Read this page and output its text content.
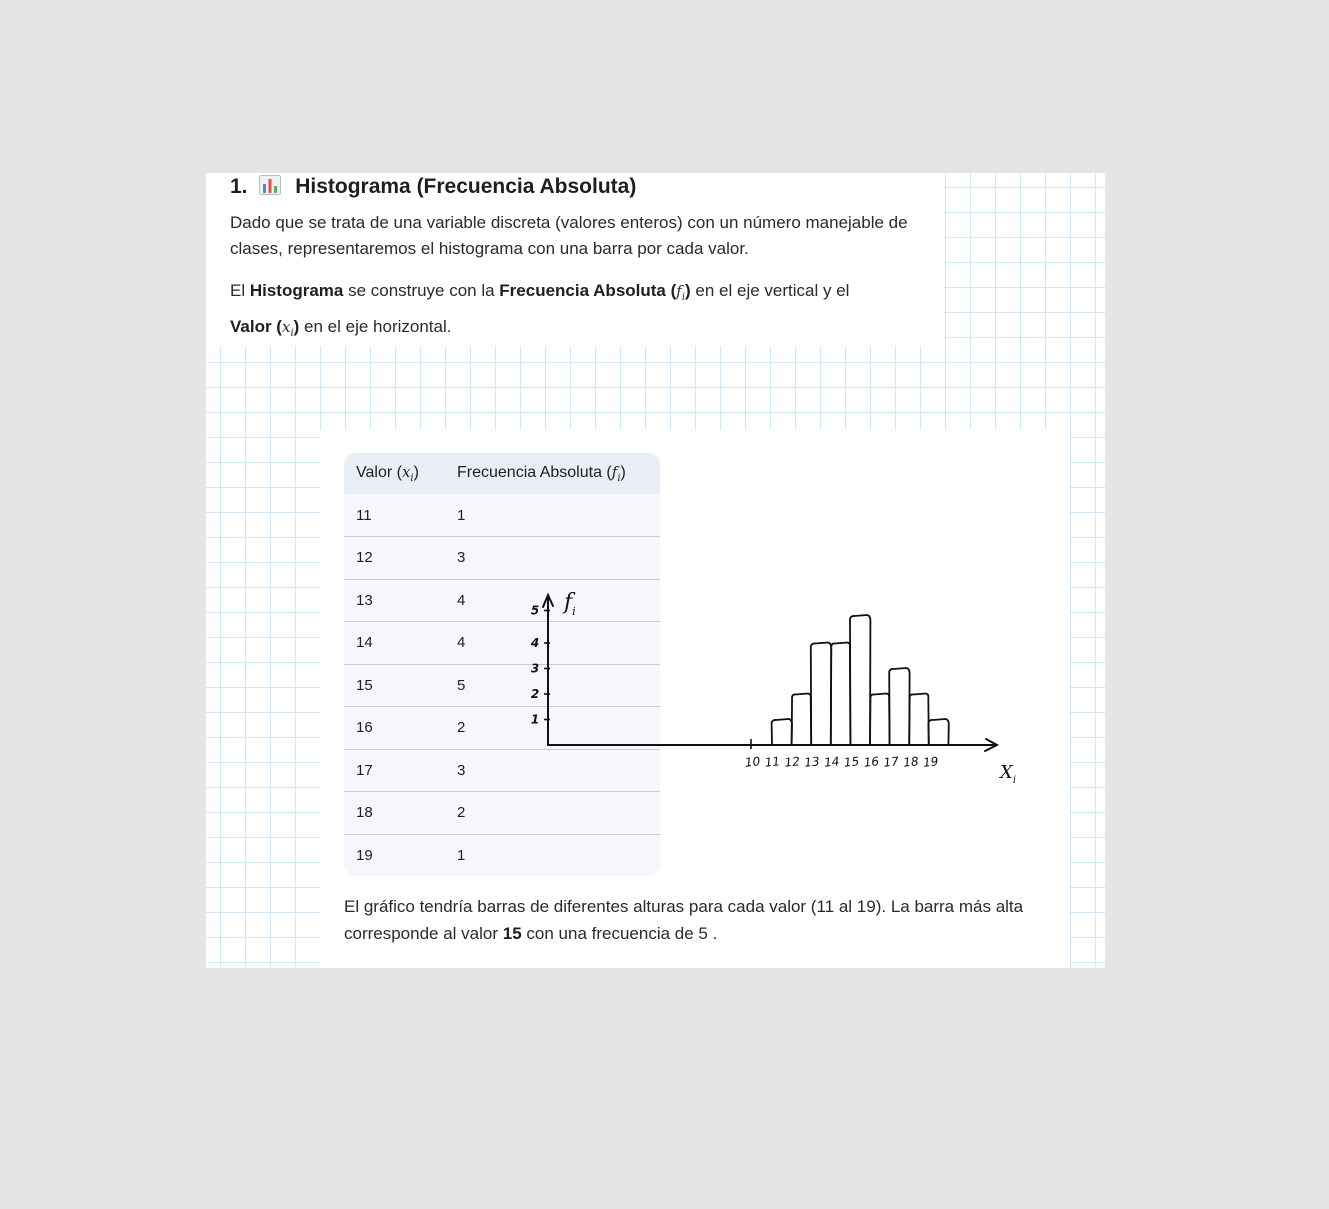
1. Histograma (Frecuencia Absoluta)

Dado que se trata de una variable discreta (valores enteros) con un número manejable de clases, representaremos el histograma con una barra por cada valor.

El Histograma se construye con la Frecuencia Absoluta $(f_i)$ en el eje vertical y el
Valor $(x_i)$ en el eje horizontal.

Valor $(x_i)$	Frecuencia Absoluta $(f_i)$
11	1
12	3
13	4
14	4
15	5
16	2
17	3
18	2
19	1
1
2
3
4
5
10 11 12 13 14 15 16 17 18 19
$f_i$
$X_i$

El gráfico tendría barras de diferentes alturas para cada valor (11 al 19). La barra más alta corresponde al valor 15 con una frecuencia de 5 .
